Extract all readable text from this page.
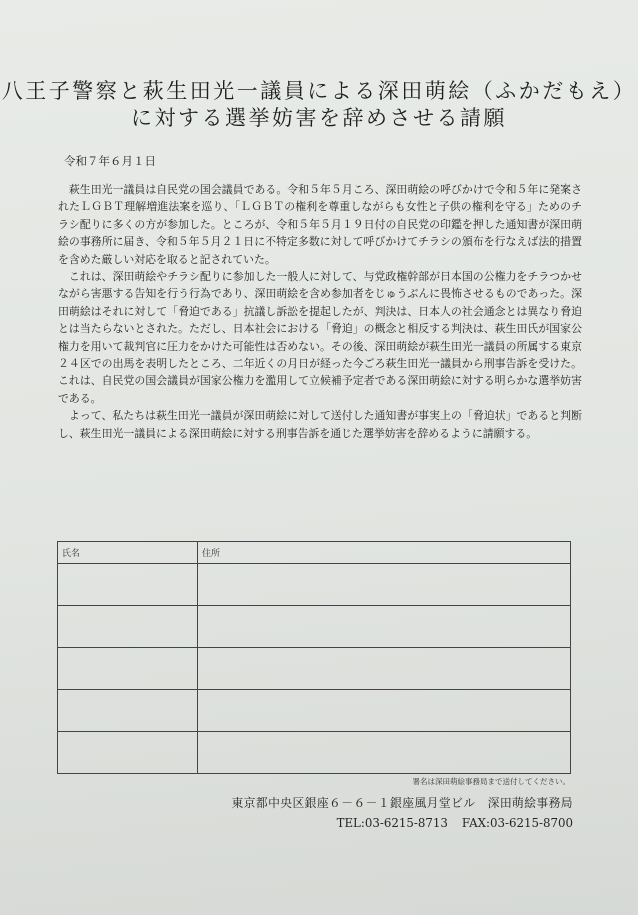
八王子警察と萩生田光一議員による深田萌絵（ふかだもえ）
に対する選挙妨害を辞めさせる請願
令和７年６月１日

萩生田光一議員は自民党の国会議員である。令和５年５月ころ、深田萌絵の呼びかけで令和５年に発案されたＬＧＢＴ理解増進法案を巡り、「ＬＧＢＴの権利を尊重しながらも女性と子供の権利を守る」ためのチラシ配りに多くの方が参加した。ところが、令和５年５月１９日付の自民党の印鑑を押した通知書が深田萌絵の事務所に届き、令和５年５月２１日に不特定多数に対して呼びかけてチラシの頒布を行なえば法的措置を含めた厳しい対応を取ると記されていた。

これは、深田萌絵やチラシ配りに参加した一般人に対して、与党政権幹部が日本国の公権力をチラつかせながら害悪する告知を行う行為であり、深田萌絵を含め参加者をじゅうぶんに畏怖させるものであった。深田萌絵はそれに対して「脅迫である」抗議し訴訟を提起したが、判決は、日本人の社会通念とは異なり脅迫とは当たらないとされた。ただし、日本社会における「脅迫」の概念と相反する判決は、萩生田氏が国家公権力を用いて裁判官に圧力をかけた可能性は否めない。その後、深田萌絵が萩生田光一議員の所属する東京２４区での出馬を表明したところ、二年近くの月日が経った今ごろ萩生田光一議員から刑事告訴を受けた。これは、自民党の国会議員が国家公権力を濫用して立候補予定者である深田萌絵に対する明らかな選挙妨害である。

よって、私たちは萩生田光一議員が深田萌絵に対して送付した通知書が事実上の「脅迫状」であると判断し、萩生田光一議員による深田萌絵に対する刑事告訴を通じた選挙妨害を辞めるように請願する。

氏名	住所

署名は深田萌絵事務局まで送付してください。
東京都中央区銀座６－６－１銀座風月堂ビル　深田萌絵事務局
TEL:03-6215-8713 FAX:03-6215-8700
